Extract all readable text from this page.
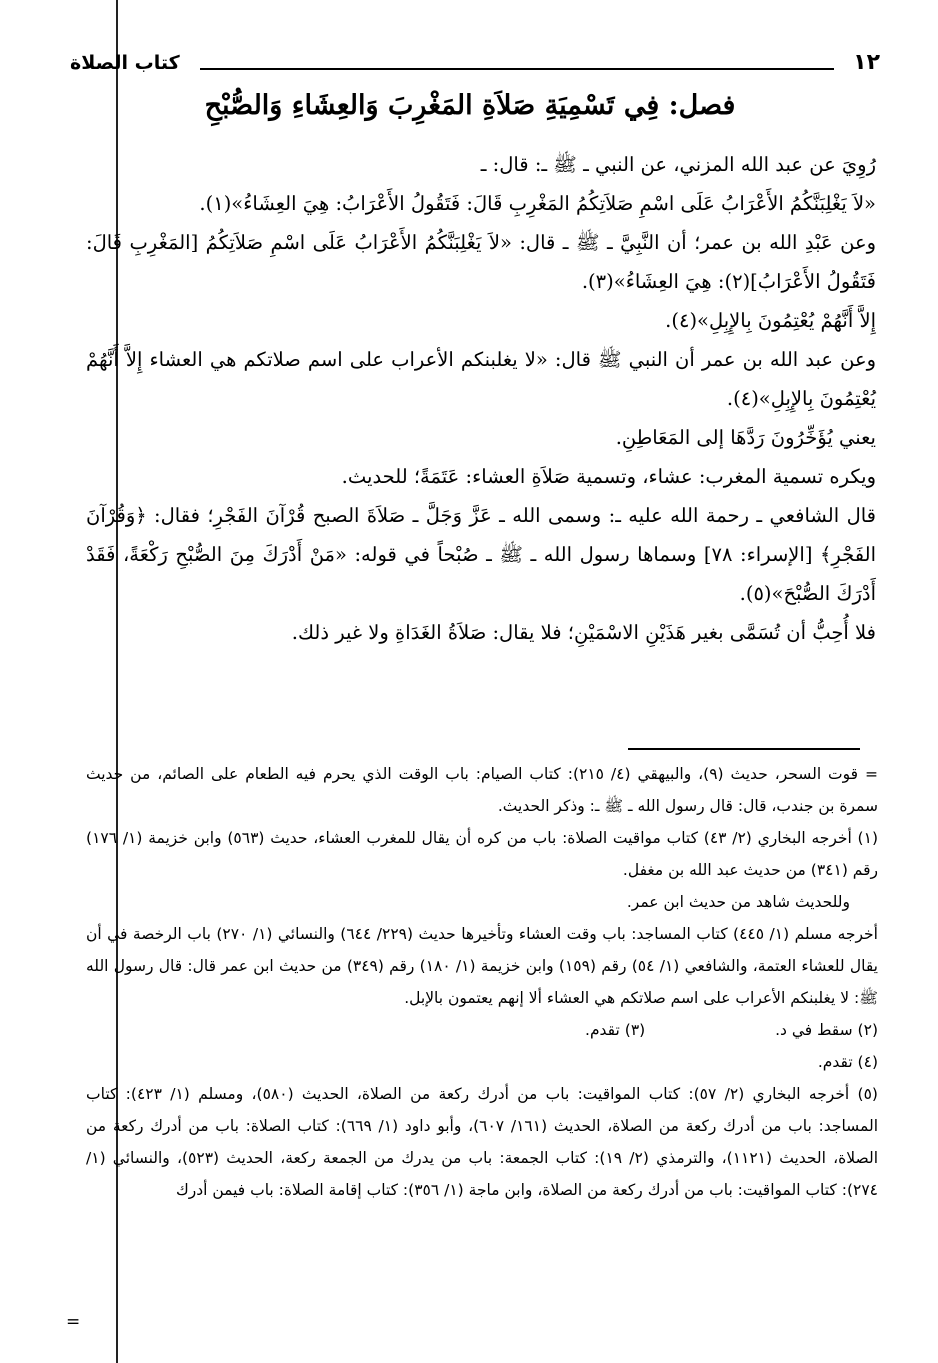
١٢
كتاب الصلاة
فصل: فِي تَسْمِيَةِ صَلاَةِ المَغْرِبَ وَالعِشَاءِ وَالصُّبْحِ

رُوِيَ عن عبد الله المزني، عن النبي ـ ﷺ ـ: قال: ـ

«لاَ يَغْلِبَنَّكُمُ الأَعْرَابُ عَلَى اسْمِ صَلاَتِكُمُ المَغْرِبِ قَالَ: فَتَقُولُ الأَعْرَابُ: هِيَ العِشَاءُ»(١).

وعن عَبْدِ الله بن عمر؛ أن النَّبِيَّ ـ ﷺ ـ قال: «لاَ يَغْلِبَنَّكُمُ الأَعْرَابُ عَلَى اسْمِ صَلاَتِكُمُ [المَغْرِبِ قَالَ: فَتَقُولُ الأَعْرَابُ](٢): هِيَ العِشَاءُ»(٣).

إِلاَّ أَنَّهُمْ يُعْتِمُونَ بِالإِبِلِ»(٤).

وعن عبد الله بن عمر أن النبي ﷺ قال: «لا يغلبنكم الأعراب على اسم صلاتكم هي العشاء إِلاَّ أَنَّهُمْ يُعْتِمُونَ بِالإِبِلِ»(٤).

يعني يُؤَخِّرُونَ رَدَّهَا إلى المَعَاطِنِ.

ويكره تسمية المغرب: عشاء، وتسمية صَلاَةِ العشاء: عَتَمَةً؛ للحديث.

قال الشافعي ـ رحمة الله عليه ـ: وسمى الله ـ عَزَّ وَجَلَّ ـ صَلاَةَ الصبح قُرْآنَ الفَجْرِ؛ فقال: ﴿وَقُرْآنَ الفَجْرِ﴾ [الإسراء: ٧٨] وسماها رسول الله ـ ﷺ ـ صُبْحاً في قوله: «مَنْ أَدْرَكَ مِنَ الصُّبْحِ رَكْعَةً، فَقَدْ أَدْرَكَ الصُّبْحَ»(٥).

فلا أُحِبُّ أن تُسَمَّى بغير هَذَيْنِ الاسْمَيْنِ؛ فلا يقال: صَلاَةُ الغَدَاةِ ولا غير ذلك.

= قوت السحر، حديث (٩)، والبيهقي (٤/ ٢١٥): كتاب الصيام: باب الوقت الذي يحرم فيه الطعام على الصائم، من حديث سمرة بن جندب، قال: قال رسول الله ـ ﷺ ـ: وذكر الحديث.

(١) أخرجه البخاري (٢/ ٤٣) كتاب مواقيت الصلاة: باب من كره أن يقال للمغرب العشاء، حديث (٥٦٣) وابن خزيمة (١/ ١٧٦) رقم (٣٤١) من حديث عبد الله بن مغفل.

وللحديث شاهد من حديث ابن عمر.

أخرجه مسلم (١/ ٤٤٥) كتاب المساجد: باب وقت العشاء وتأخيرها حديث (٢٢٩/ ٦٤٤) والنسائي (١/ ٢٧٠) باب الرخصة في أن يقال للعشاء العتمة، والشافعي (١/ ٥٤) رقم (١٥٩) وابن خزيمة (١/ ١٨٠) رقم (٣٤٩) من حديث ابن عمر قال: قال رسول الله ﷺ: لا يغلبنكم الأعراب على اسم صلاتكم هي العشاء ألا إنهم يعتمون بالإبل.

(٢) سقط في د.  (٣) تقدم.

(٤) تقدم.

(٥) أخرجه البخاري (٢/ ٥٧): كتاب المواقيت: باب من أدرك ركعة من الصلاة، الحديث (٥٨٠)، ومسلم (١/ ٤٢٣): كتاب المساجد: باب من أدرك ركعة من الصلاة، الحديث (١٦١/ ٦٠٧)، وأبو داود (١/ ٦٦٩): كتاب الصلاة: باب من أدرك ركعة من الصلاة، الحديث (١١٢١)، والترمذي (٢/ ١٩): كتاب الجمعة: باب من يدرك من الجمعة ركعة، الحديث (٥٢٣)، والنسائي (١/ ٢٧٤): كتاب المواقيت: باب من أدرك ركعة من الصلاة، وابن ماجة (١/ ٣٥٦): كتاب إقامة الصلاة: باب فيمن أدرك

=
